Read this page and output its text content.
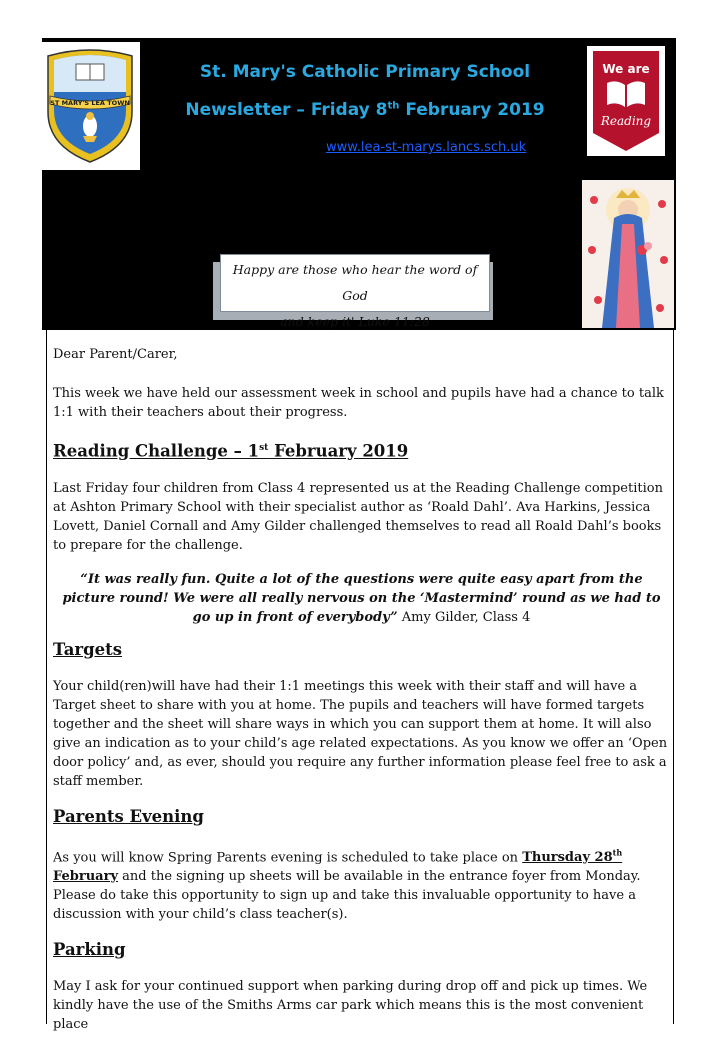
ST MARY'S LEA TOWN
St. Mary's Catholic Primary School
Newsletter – Friday 8th February 2019
www.lea-st-marys.lancs.sch.uk
We are
Reading
Happy are those who hear the word of God
and keep it' Luke 11:28

Dear Parent/Carer,

This week we have held our assessment week in school and pupils have had a chance to talk 1:1 with their teachers about their progress.

Reading Challenge – 1st February 2019

Last Friday four children from Class 4 represented us at the Reading Challenge competition at Ashton Primary School with their specialist author as ‘Roald Dahl’. Ava Harkins, Jessica Lovett, Daniel Cornall and Amy Gilder challenged themselves to read all Roald Dahl’s books to prepare for the challenge.

“It was really fun. Quite a lot of the questions were quite easy apart from the picture round! We were all really nervous on the ‘Mastermind’ round as we had to go up in front of everybody” Amy Gilder, Class 4

Targets

Your child(ren)will have had their 1:1 meetings this week with their staff and will have a Target sheet to share with you at home. The pupils and teachers will have formed targets together and the sheet will share ways in which you can support them at home. It will also give an indication as to your child’s age related expectations. As you know we offer an ‘Open door policy’ and, as ever, should you require any further information please feel free to ask a staff member.

Parents Evening

As you will know Spring Parents evening is scheduled to take place on Thursday 28th February and the signing up sheets will be available in the entrance foyer from Monday. Please do take this opportunity to sign up and take this invaluable opportunity to have a discussion with your child’s class teacher(s).

Parking

May I ask for your continued support when parking during drop off and pick up times. We kindly have the use of the Smiths Arms car park which means this is the most convenient place
